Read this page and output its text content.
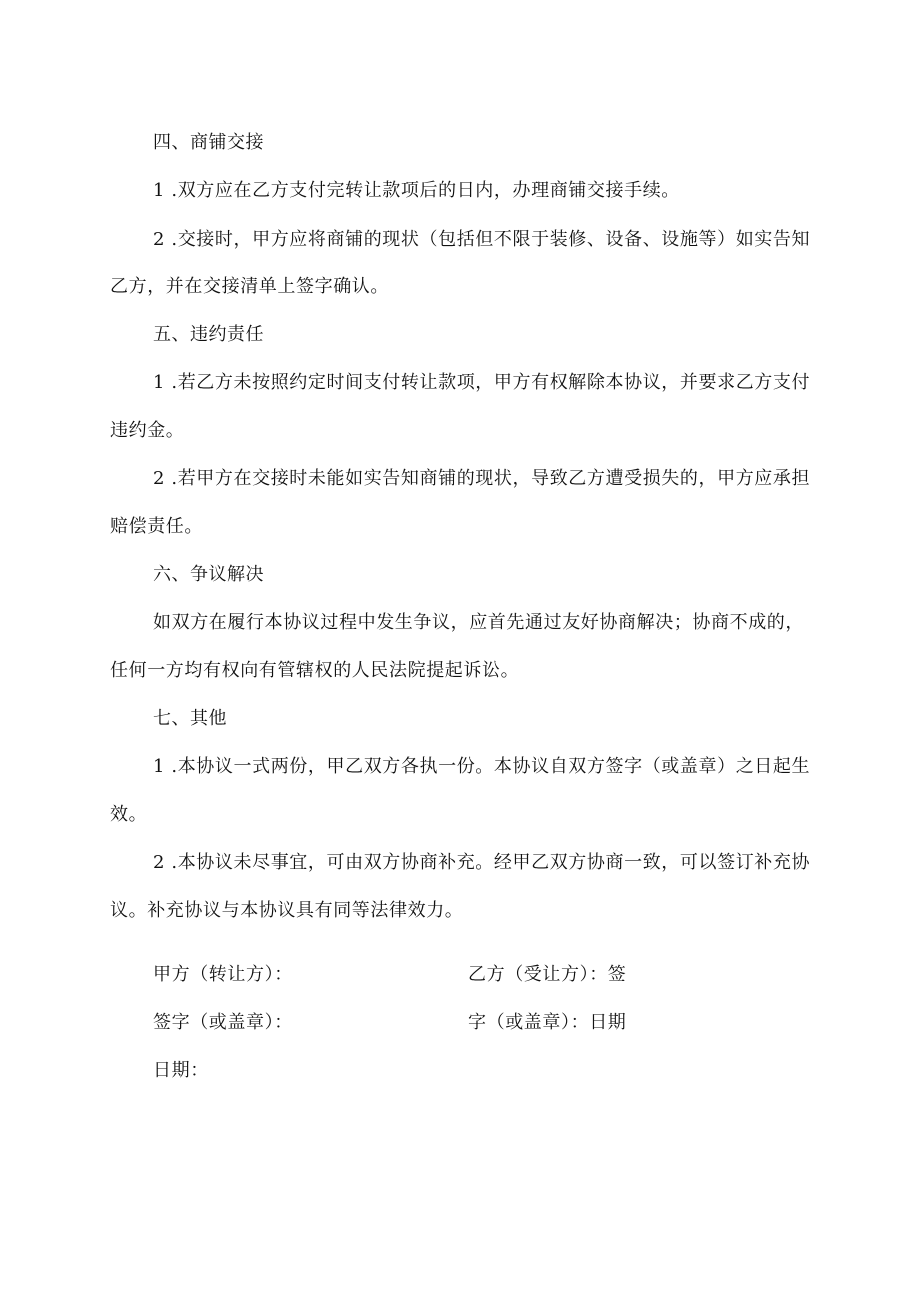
四、商铺交接
1 .双方应在乙方支付完转让款项后的日内，办理商铺交接手续。
2 .交接时，甲方应将商铺的现状（包括但不限于装修、设备、设施等）如实告知
乙方，并在交接清单上签字确认。
五、违约责任
1 .若乙方未按照约定时间支付转让款项，甲方有权解除本协议，并要求乙方支付
违约金。
2 .若甲方在交接时未能如实告知商铺的现状，导致乙方遭受损失的，甲方应承担
赔偿责任。
六、争议解决
如双方在履行本协议过程中发生争议，应首先通过友好协商解决；协商不成的，
任何一方均有权向有管辖权的人民法院提起诉讼。
七、其他
1 .本协议一式两份，甲乙双方各执一份。本协议自双方签字（或盖章）之日起生
效。
2 .本协议未尽事宜，可由双方协商补充。经甲乙双方协商一致，可以签订补充协
议。补充协议与本协议具有同等法律效力。
甲方（转让方）：	乙方（受让方）：签
签字（或盖章）：	字（或盖章）：日期
日期：
